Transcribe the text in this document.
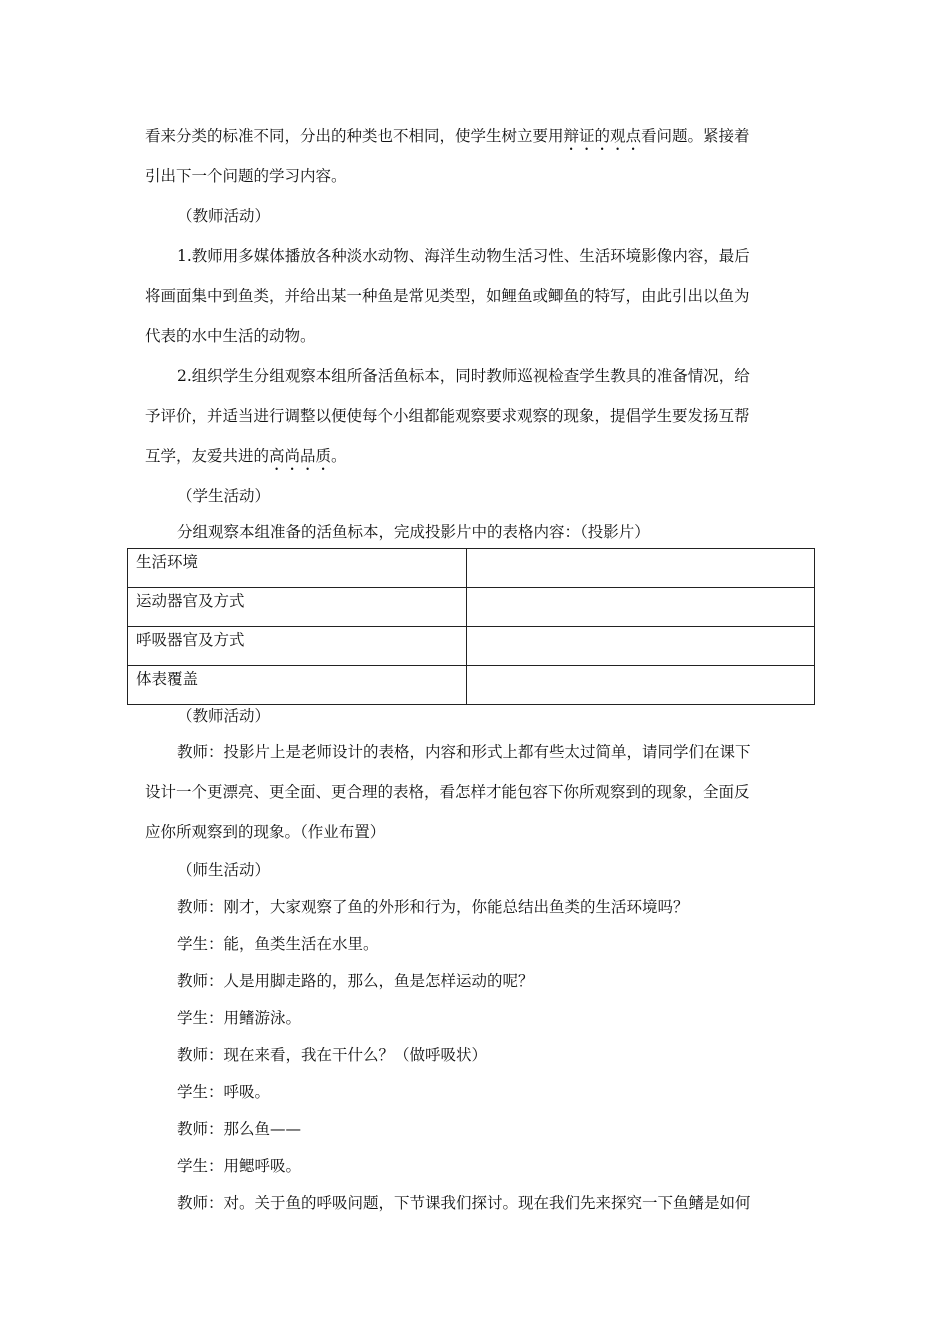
看来分类的标准不同，分出的种类也不相同，使学生树立要用辩证的观点看问题。紧接着
引出下一个问题的学习内容。
（教师活动）
1.教师用多媒体播放各种淡水动物、海洋生动物生活习性、生活环境影像内容，最后
将画面集中到鱼类，并给出某一种鱼是常见类型，如鲤鱼或鲫鱼的特写，由此引出以鱼为
代表的水中生活的动物。
2.组织学生分组观察本组所备活鱼标本，同时教师巡视检查学生教具的准备情况，给
予评价，并适当进行调整以便使每个小组都能观察要求观察的现象，提倡学生要发扬互帮
互学，友爱共进的高尚品质。
（学生活动）
分组观察本组准备的活鱼标本，完成投影片中的表格内容：（投影片）
生活环境	
运动器官及方式	
呼吸器官及方式	
体表覆盖	
（教师活动）
教师：投影片上是老师设计的表格，内容和形式上都有些太过简单，请同学们在课下
设计一个更漂亮、更全面、更合理的表格，看怎样才能包容下你所观察到的现象，全面反
应你所观察到的现象。（作业布置）
（师生活动）
教师：刚才，大家观察了鱼的外形和行为，你能总结出鱼类的生活环境吗？
学生：能，鱼类生活在水里。
教师：人是用脚走路的，那么，鱼是怎样运动的呢？
学生：用鳍游泳。
教师：现在来看，我在干什么？（做呼吸状）
学生：呼吸。
教师：那么鱼——
学生：用鳃呼吸。
教师：对。关于鱼的呼吸问题，下节课我们探讨。现在我们先来探究一下鱼鳍是如何
